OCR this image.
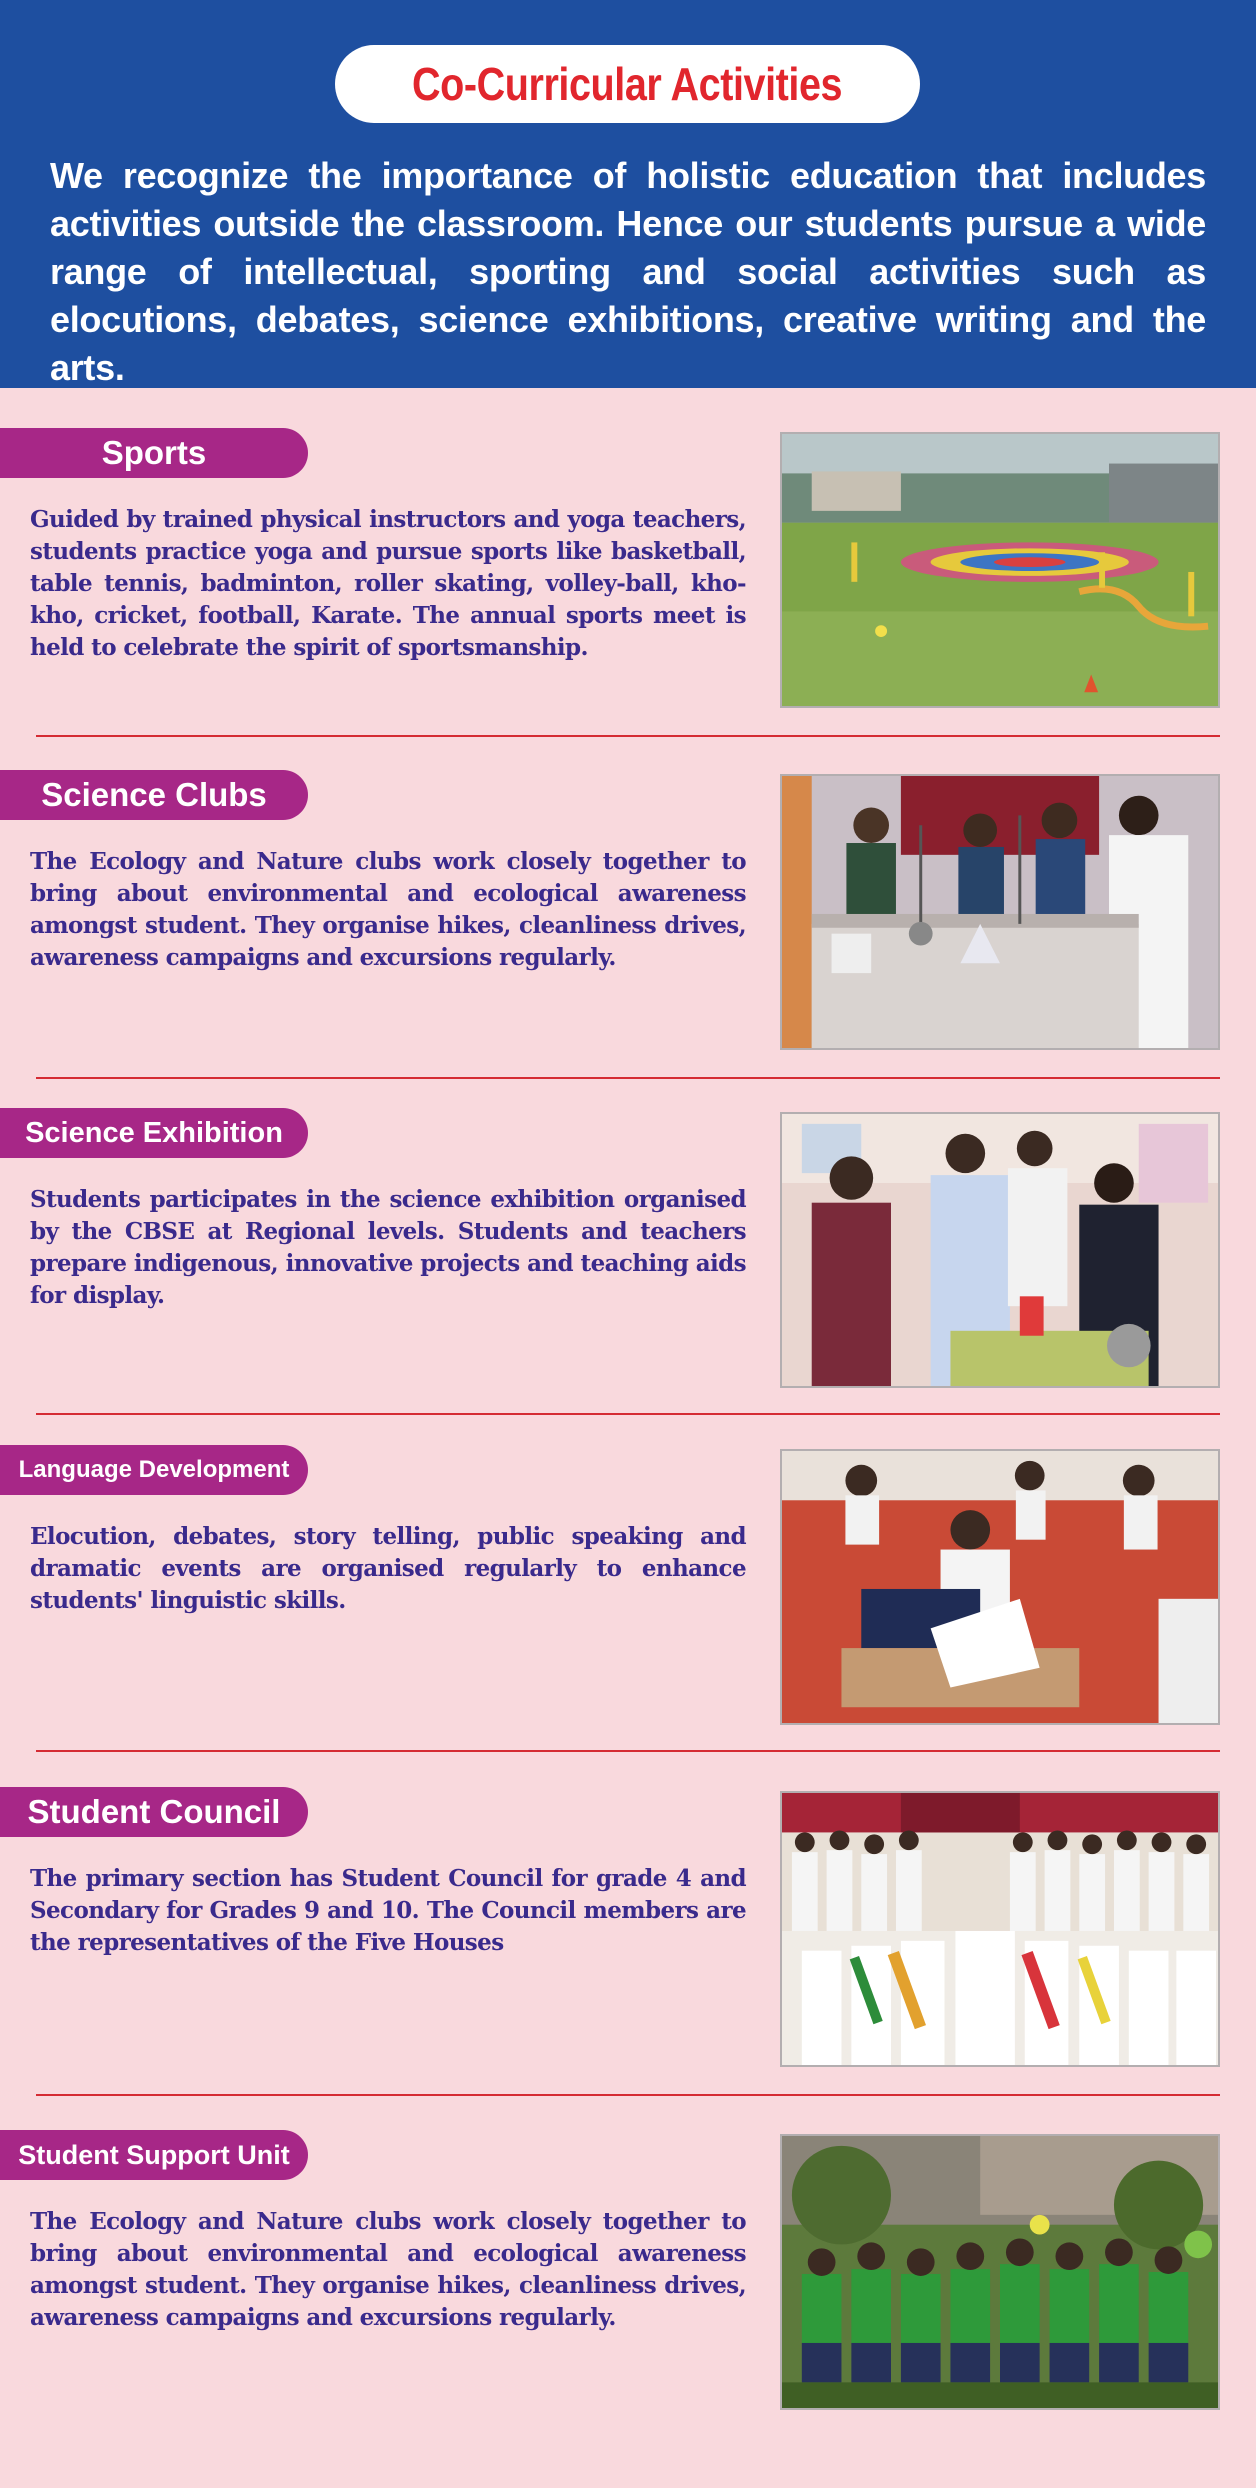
Co-Curricular Activities

We recognize the importance of holistic education that includes activities outside the classroom. Hence our students pursue a wide range of intellectual, sporting and social activities such as elocutions, debates, science exhibitions, creative writing and the arts.

Sports

Guided by trained physical instructors and yoga teachers, students practice yoga and pursue sports like basketball, table tennis, badminton, roller skating, volley-ball, kho-kho, cricket, football, Karate. The annual sports meet is held to celebrate the spirit of sportsmanship.

Science Clubs

The Ecology and Nature clubs work closely together to bring about environmental and ecological awareness amongst student. They organise hikes, cleanliness drives, awareness campaigns and excursions regularly.

Science Exhibition

Students participates in the science exhibition organised by the CBSE at Regional levels. Students and teachers prepare indigenous, innovative projects and teaching aids for display.

Language Development

Elocution, debates, story telling, public speaking and dramatic events are organised regularly to enhance students' linguistic skills.

Student Council

The primary section has Student Council for grade 4 and Secondary for Grades 9 and 10. The Council members are the representatives of the Five Houses

Student Support Unit

The Ecology and Nature clubs work closely together to bring about environmental and ecological awareness amongst student. They organise hikes, cleanliness drives, awareness campaigns and excursions regularly.
